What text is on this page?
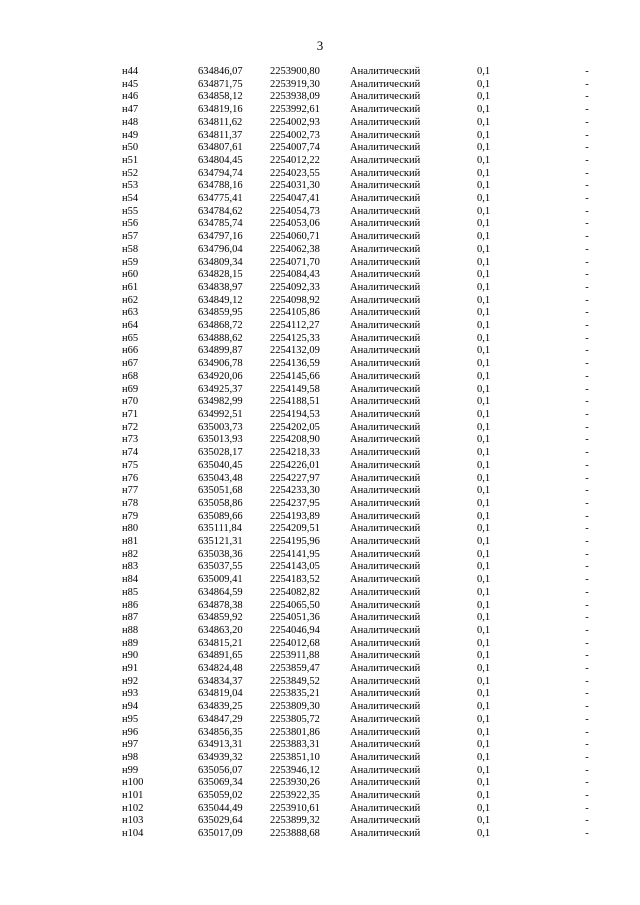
3
н44	634846,07	2253900,80	Аналитический	0,1	-
н45	634871,75	2253919,30	Аналитический	0,1	-
н46	634858,12	2253938,09	Аналитический	0,1	-
н47	634819,16	2253992,61	Аналитический	0,1	-
н48	634811,62	2254002,93	Аналитический	0,1	-
н49	634811,37	2254002,73	Аналитический	0,1	-
н50	634807,61	2254007,74	Аналитический	0,1	-
н51	634804,45	2254012,22	Аналитический	0,1	-
н52	634794,74	2254023,55	Аналитический	0,1	-
н53	634788,16	2254031,30	Аналитический	0,1	-
н54	634775,41	2254047,41	Аналитический	0,1	-
н55	634784,62	2254054,73	Аналитический	0,1	-
н56	634785,74	2254053,06	Аналитический	0,1	-
н57	634797,16	2254060,71	Аналитический	0,1	-
н58	634796,04	2254062,38	Аналитический	0,1	-
н59	634809,34	2254071,70	Аналитический	0,1	-
н60	634828,15	2254084,43	Аналитический	0,1	-
н61	634838,97	2254092,33	Аналитический	0,1	-
н62	634849,12	2254098,92	Аналитический	0,1	-
н63	634859,95	2254105,86	Аналитический	0,1	-
н64	634868,72	2254112,27	Аналитический	0,1	-
н65	634888,62	2254125,33	Аналитический	0,1	-
н66	634899,87	2254132,09	Аналитический	0,1	-
н67	634906,78	2254136,59	Аналитический	0,1	-
н68	634920,06	2254145,66	Аналитический	0,1	-
н69	634925,37	2254149,58	Аналитический	0,1	-
н70	634982,99	2254188,51	Аналитический	0,1	-
н71	634992,51	2254194,53	Аналитический	0,1	-
н72	635003,73	2254202,05	Аналитический	0,1	-
н73	635013,93	2254208,90	Аналитический	0,1	-
н74	635028,17	2254218,33	Аналитический	0,1	-
н75	635040,45	2254226,01	Аналитический	0,1	-
н76	635043,48	2254227,97	Аналитический	0,1	-
н77	635051,68	2254233,30	Аналитический	0,1	-
н78	635058,86	2254237,95	Аналитический	0,1	-
н79	635089,66	2254193,89	Аналитический	0,1	-
н80	635111,84	2254209,51	Аналитический	0,1	-
н81	635121,31	2254195,96	Аналитический	0,1	-
н82	635038,36	2254141,95	Аналитический	0,1	-
н83	635037,55	2254143,05	Аналитический	0,1	-
н84	635009,41	2254183,52	Аналитический	0,1	-
н85	634864,59	2254082,82	Аналитический	0,1	-
н86	634878,38	2254065,50	Аналитический	0,1	-
н87	634859,92	2254051,36	Аналитический	0,1	-
н88	634863,20	2254046,94	Аналитический	0,1	-
н89	634815,21	2254012,68	Аналитический	0,1	-
н90	634891,65	2253911,88	Аналитический	0,1	-
н91	634824,48	2253859,47	Аналитический	0,1	-
н92	634834,37	2253849,52	Аналитический	0,1	-
н93	634819,04	2253835,21	Аналитический	0,1	-
н94	634839,25	2253809,30	Аналитический	0,1	-
н95	634847,29	2253805,72	Аналитический	0,1	-
н96	634856,35	2253801,86	Аналитический	0,1	-
н97	634913,31	2253883,31	Аналитический	0,1	-
н98	634939,32	2253851,10	Аналитический	0,1	-
н99	635056,07	2253946,12	Аналитический	0,1	-
н100	635069,34	2253930,26	Аналитический	0,1	-
н101	635059,02	2253922,35	Аналитический	0,1	-
н102	635044,49	2253910,61	Аналитический	0,1	-
н103	635029,64	2253899,32	Аналитический	0,1	-
н104	635017,09	2253888,68	Аналитический	0,1	-
